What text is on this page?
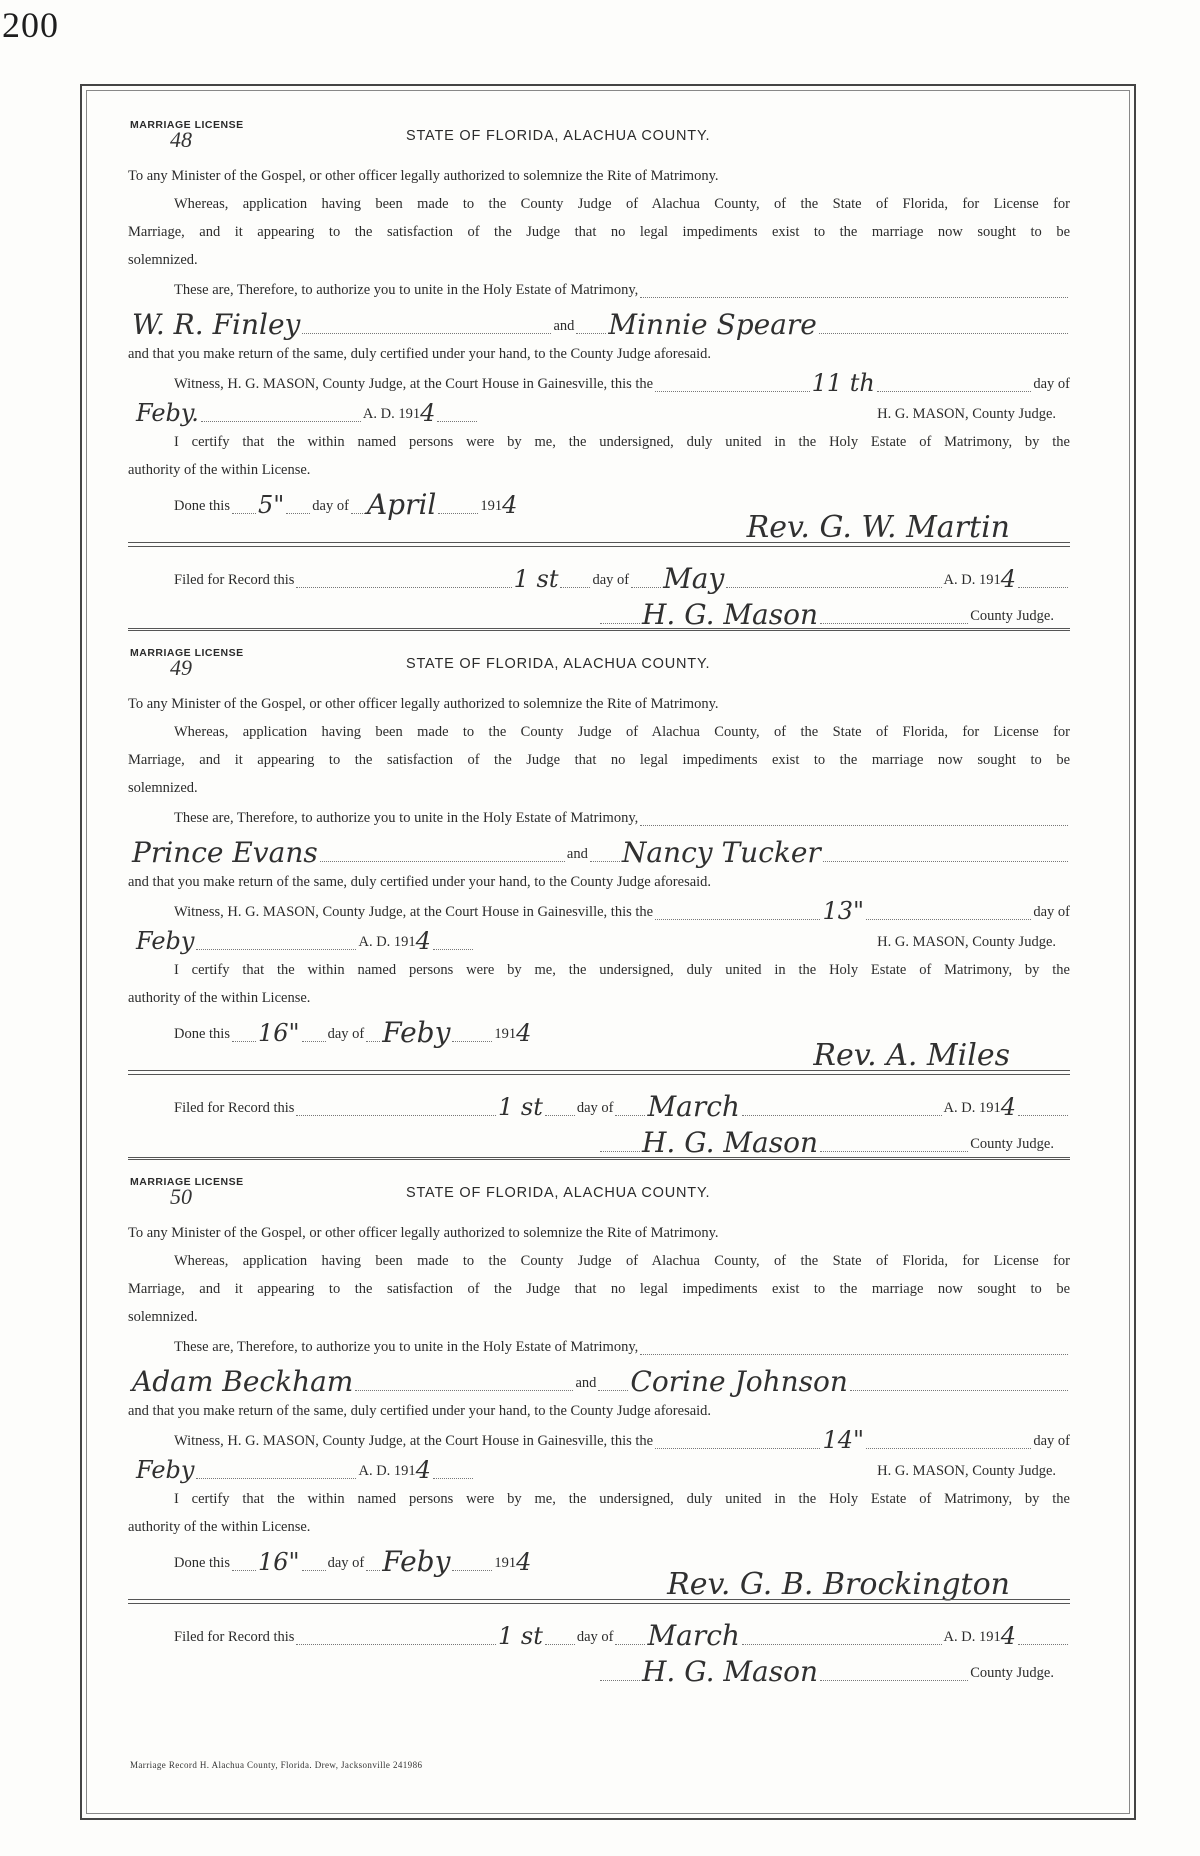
200
MARRIAGE LICENSE
48	STATE OF FLORIDA, ALACHUA COUNTY.

To any Minister of the Gospel, or other officer legally authorized to solemnize the Rite of Matrimony.

Whereas, application having been made to the County Judge of Alachua County, of the State of Florida, for License for

Marriage, and it appearing to the satisfaction of the Judge that no legal impediments exist to the marriage now sought to be

solemnized.

These are, Therefore, to authorize you to unite in the Holy Estate of Matrimony,
W. R. Finley	and Minnie Speare

and that you make return of the same, duly certified under your hand, to the County Judge aforesaid.

Witness, H. G. MASON, County Judge, at the Court House in Gainesville, this the	11 th	day of
Feby.	A. D. 191 4	H. G. MASON, County Judge.

I certify that the within named persons were by me, the undersigned, duly united in the Holy Estate of Matrimony, by the

authority of the within License.

Done this 5" day of April	191 4
Rev. G. W. Martin
Filed for Record this	1 st day of May	A. D. 191 4
H. G. Mason	County Judge.
MARRIAGE LICENSE
49	STATE OF FLORIDA, ALACHUA COUNTY.

To any Minister of the Gospel, or other officer legally authorized to solemnize the Rite of Matrimony.

Whereas, application having been made to the County Judge of Alachua County, of the State of Florida, for License for

Marriage, and it appearing to the satisfaction of the Judge that no legal impediments exist to the marriage now sought to be

solemnized.

These are, Therefore, to authorize you to unite in the Holy Estate of Matrimony,
Prince Evans	and Nancy Tucker

and that you make return of the same, duly certified under your hand, to the County Judge aforesaid.

Witness, H. G. MASON, County Judge, at the Court House in Gainesville, this the	13"	day of
Feby	A. D. 191 4	H. G. MASON, County Judge.

I certify that the within named persons were by me, the undersigned, duly united in the Holy Estate of Matrimony, by the

authority of the within License.

Done this 16" day of Feby	191 4
Rev. A. Miles
Filed for Record this	1 st day of March	A. D. 191 4
H. G. Mason	County Judge.
MARRIAGE LICENSE
50	STATE OF FLORIDA, ALACHUA COUNTY.

To any Minister of the Gospel, or other officer legally authorized to solemnize the Rite of Matrimony.

Whereas, application having been made to the County Judge of Alachua County, of the State of Florida, for License for

Marriage, and it appearing to the satisfaction of the Judge that no legal impediments exist to the marriage now sought to be

solemnized.

These are, Therefore, to authorize you to unite in the Holy Estate of Matrimony,
Adam Beckham	and Corine Johnson

and that you make return of the same, duly certified under your hand, to the County Judge aforesaid.

Witness, H. G. MASON, County Judge, at the Court House in Gainesville, this the	14"	day of
Feby	A. D. 191 4	H. G. MASON, County Judge.

I certify that the within named persons were by me, the undersigned, duly united in the Holy Estate of Matrimony, by the

authority of the within License.

Done this 16" day of Feby	191 4
Rev. G. B. Brockington
Filed for Record this	1 st day of March	A. D. 191 4
H. G. Mason	County Judge.
Marriage Record H. Alachua County, Florida. Drew, Jacksonville 241986
